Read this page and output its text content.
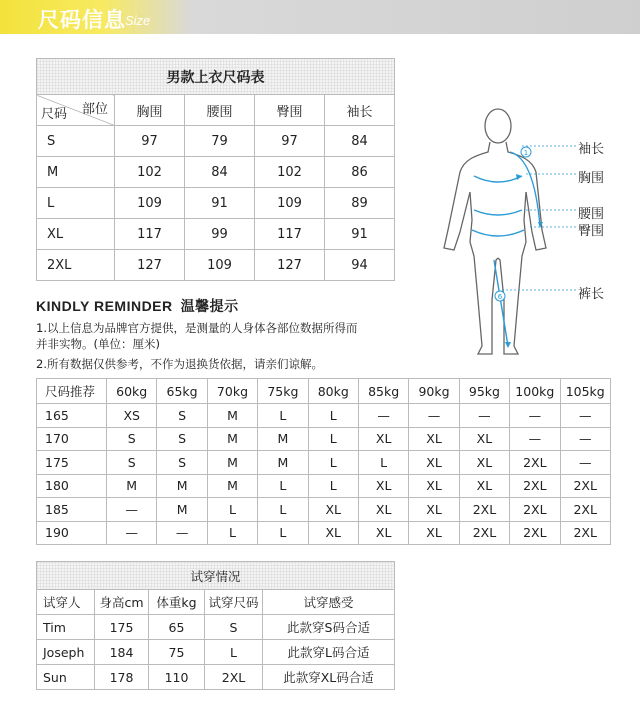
尺码信息 Size
男款上衣尺码表				

部位
尺码	胸围	腰围	臀围	袖长
S	97	79	97	84
M	102	84	102	86
L	109	91	109	89
XL	117	99	117	91
2XL	127	109	127	94
KINDLY REMINDER 温馨提示
1.以上信息为品牌官方提供，是测量的人身体各部位数据所得而
并非实物。(单位：厘米)
2.所有数据仅供参考，不作为退换货依据，请亲们谅解。
1
6
袖长
胸围
腰围
臀围
裤长
尺码推荐	60kg	65kg	70kg	75kg	80kg	85kg	90kg	95kg	100kg	105kg
165	XS	S	M	L	L	—	—	—	—	—
170	S	S	M	M	L	XL	XL	XL	—	—
175	S	S	M	M	L	L	XL	XL	2XL	—
180	M	M	M	L	L	XL	XL	XL	2XL	2XL
185	—	M	L	L	XL	XL	XL	2XL	2XL	2XL
190	—	—	L	L	XL	XL	XL	2XL	2XL	2XL
试穿情况				
试穿人	身高cm	体重kg	试穿尺码	试穿感受
Tim	175	65	S	此款穿S码合适
Joseph	184	75	L	此款穿L码合适
Sun	178	110	2XL	此款穿XL码合适
